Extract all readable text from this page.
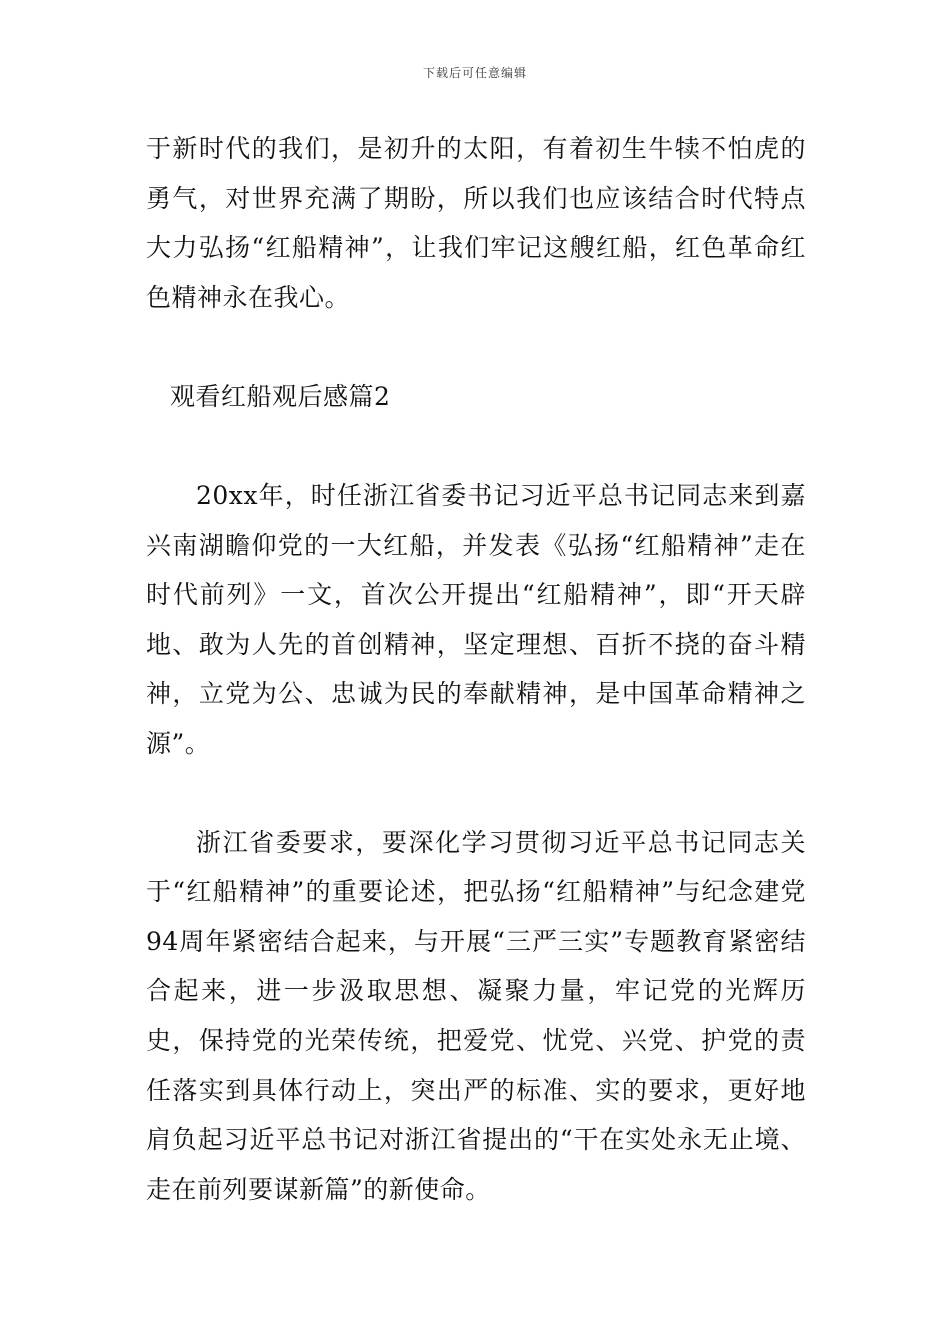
下载后可任意编辑

于新时代的我们，是初升的太阳，有着初生牛犊不怕虎的勇气，对世界充满了期盼，所以我们也应该结合时代特点大力弘扬“红船精神”，让我们牢记这艘红船，红色革命红色精神永在我心。

观看红船观后感篇2

20xx年，时任浙江省委书记习近平总书记同志来到嘉兴南湖瞻仰党的一大红船，并发表《弘扬“红船精神”走在时代前列》一文，首次公开提出“红船精神”，即“开天辟地、敢为人先的首创精神，坚定理想、百折不挠的奋斗精神，立党为公、忠诚为民的奉献精神，是中国革命精神之源”。

浙江省委要求，要深化学习贯彻习近平总书记同志关于“红船精神”的重要论述，把弘扬“红船精神”与纪念建党94周年紧密结合起来，与开展“三严三实”专题教育紧密结合起来，进一步汲取思想、凝聚力量，牢记党的光辉历史，保持党的光荣传统，把爱党、忧党、兴党、护党的责任落实到具体行动上，突出严的标准、实的要求，更好地肩负起习近平总书记对浙江省提出的“干在实处永无止境、走在前列要谋新篇”的新使命。
